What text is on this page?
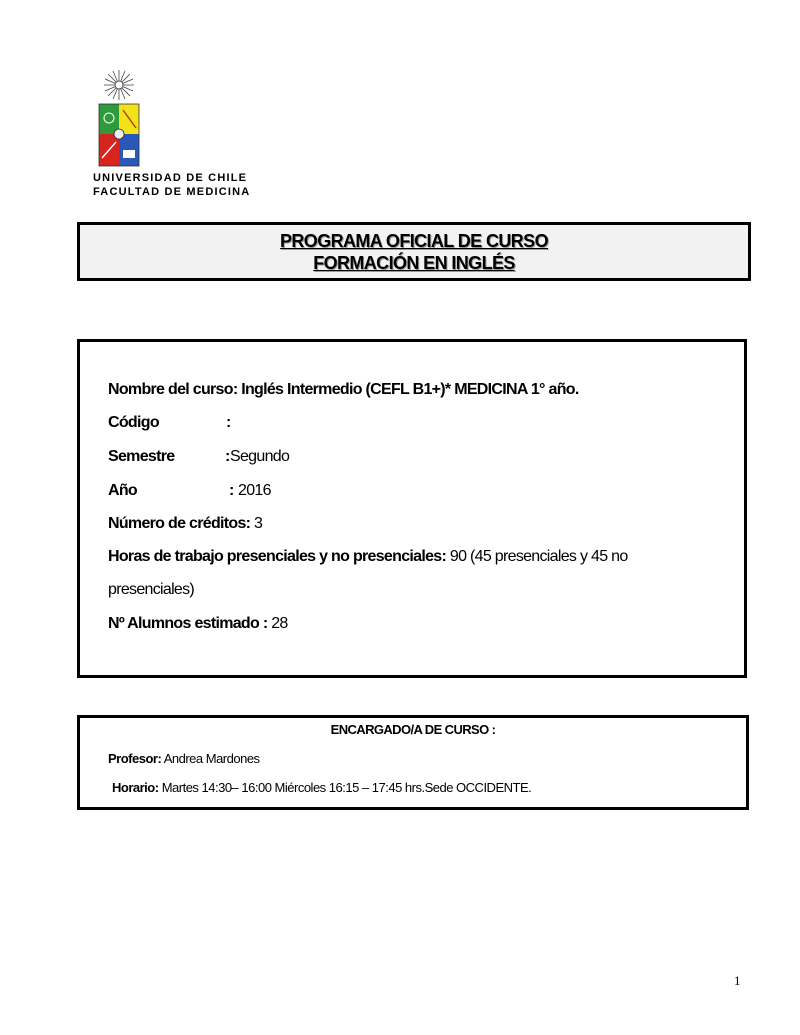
UNIVERSIDAD DE CHILE
FACULTAD DE MEDICINA
PROGRAMA OFICIAL DE CURSO
FORMACIÓN EN INGLÉS
Nombre del curso: Inglés Intermedio (CEFL B1+)* MEDICINA 1° año.
Código	:
Semestre	: Segundo
Año	: 2016
Número de créditos: 3
Horas de trabajo presenciales y no presenciales: 90 (45 presenciales y 45 no
presenciales)
Nº Alumnos estimado : 28
ENCARGADO/A DE CURSO :
Profesor: Andrea Mardones
Horario: Martes 14:30– 16:00 Miércoles 16:15 – 17:45 hrs.Sede OCCIDENTE.
1
